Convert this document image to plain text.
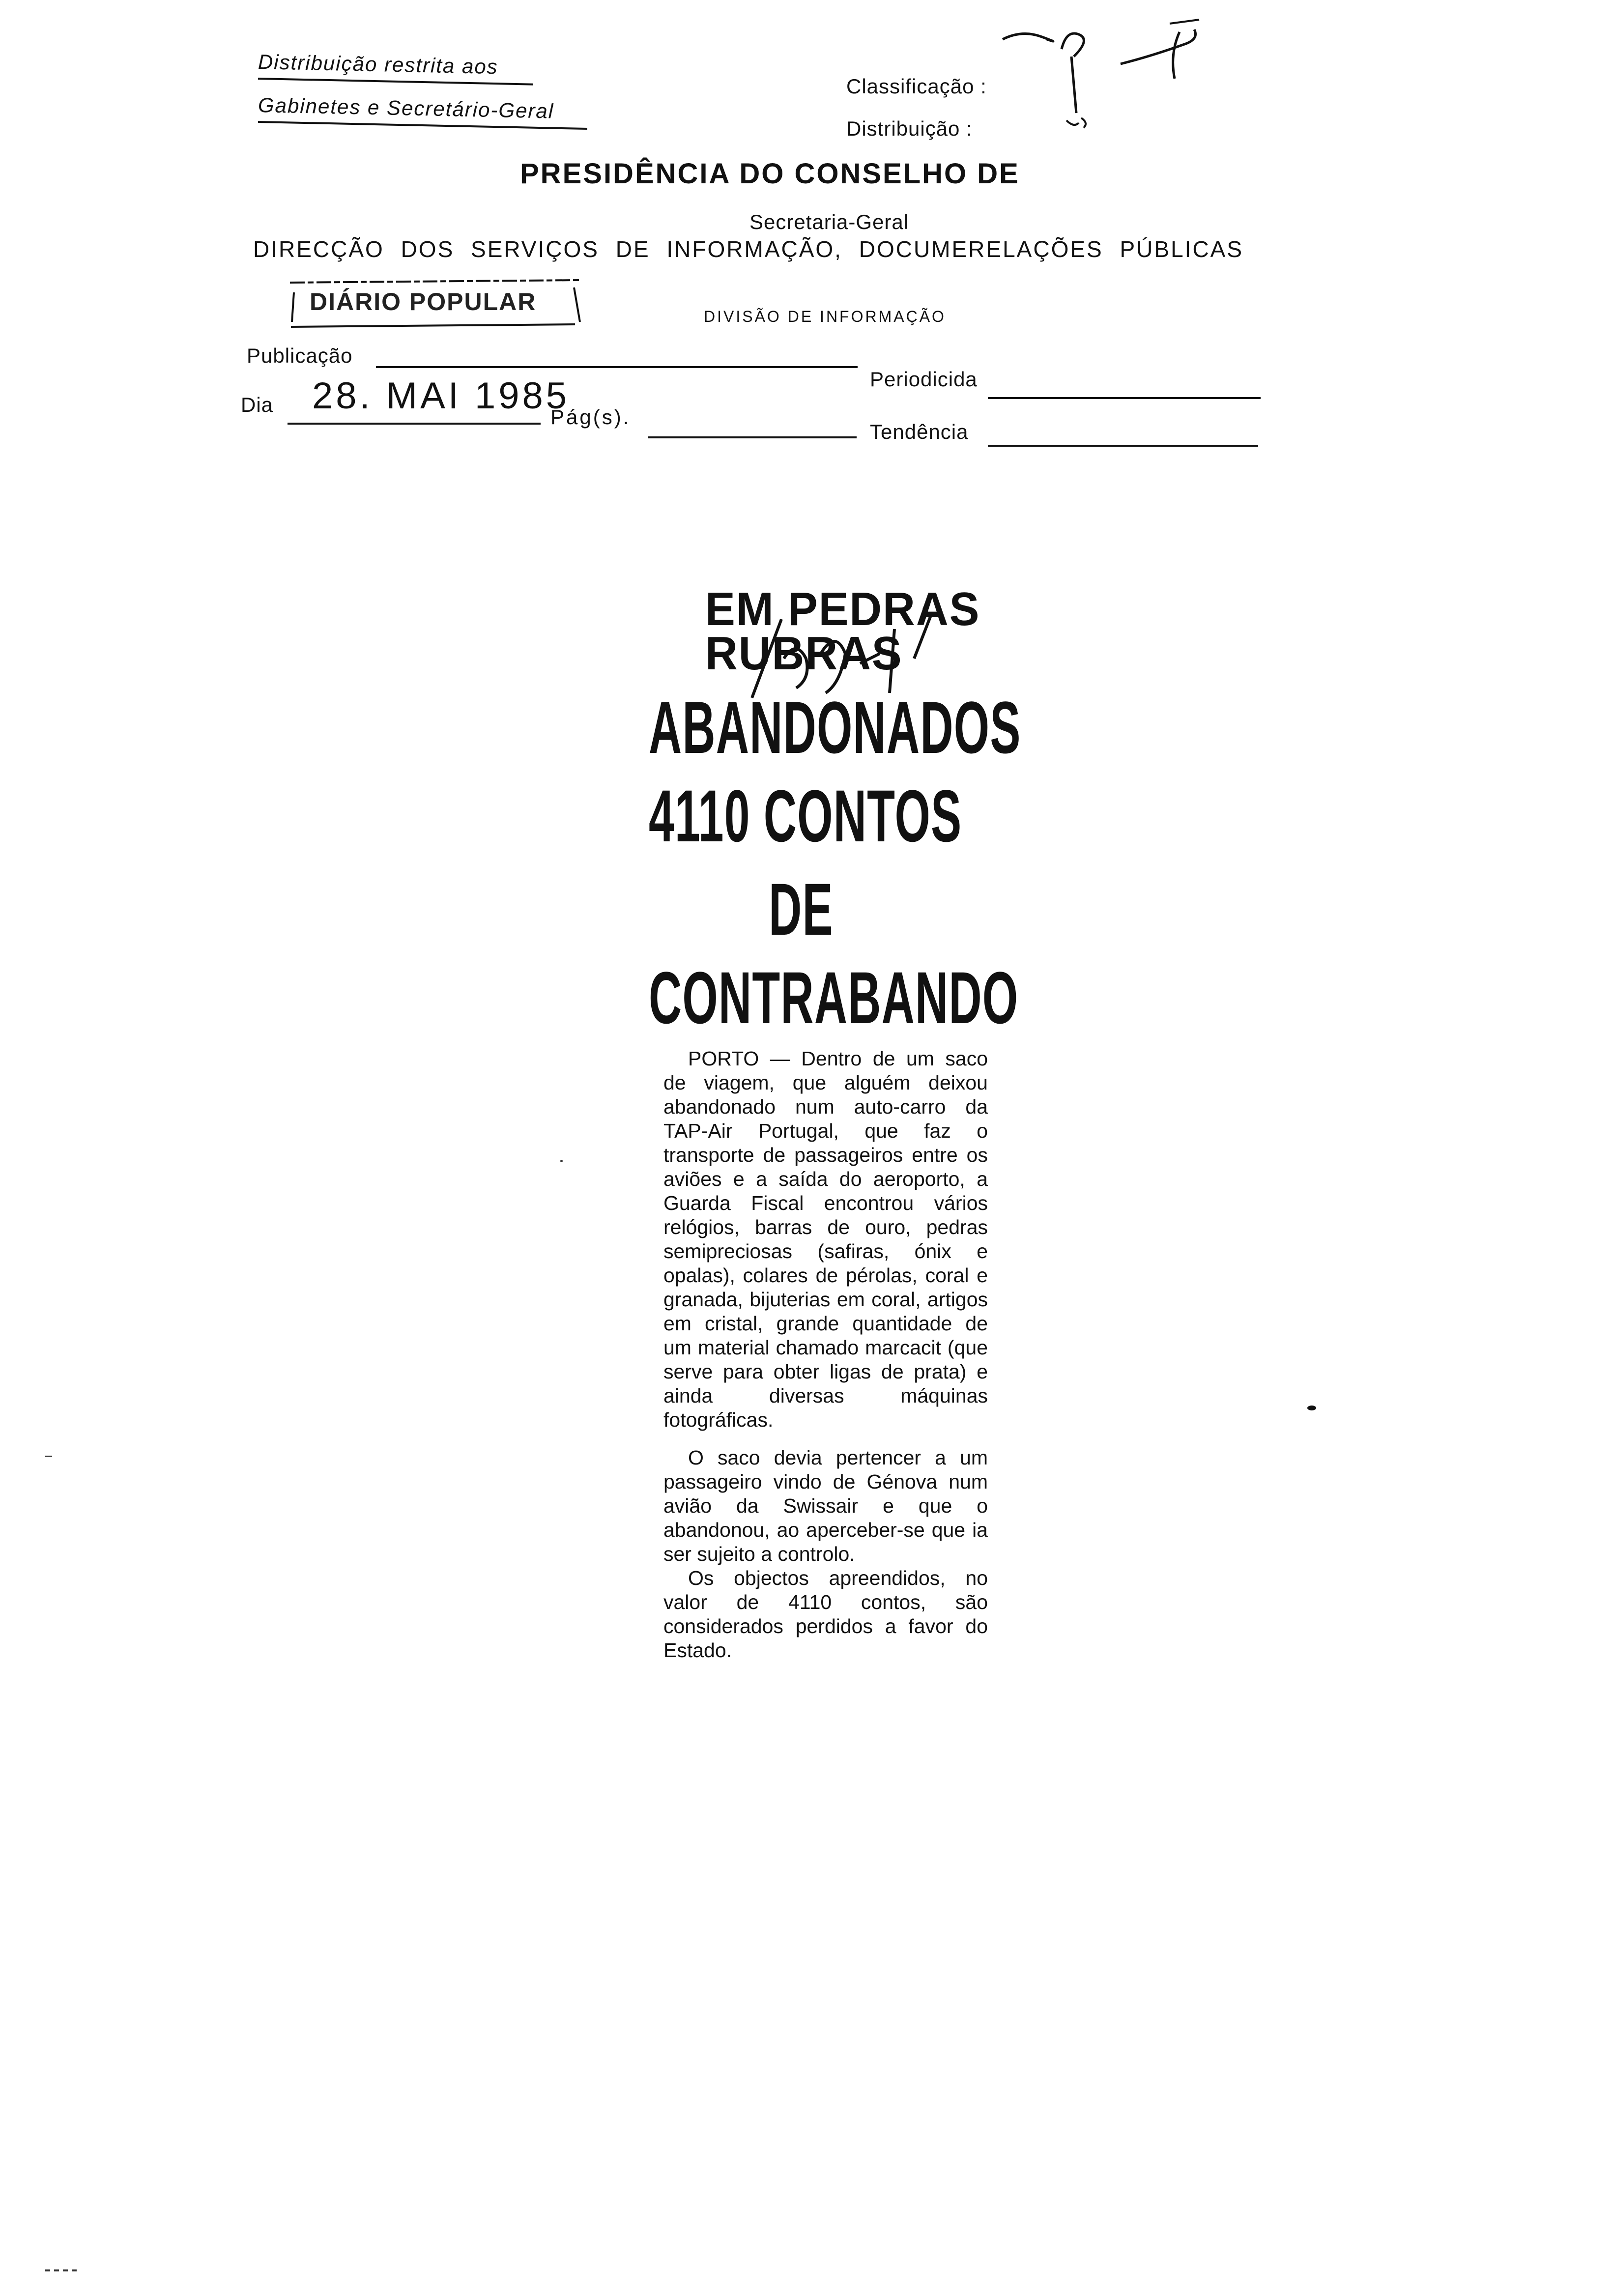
Distribuição restrita aos
Gabinetes e Secretário-Geral
Classificação :
Distribuição :
PRESIDÊNCIA DO CONSELHO DE
Secretaria-Geral
DIRECÇÃO DOS SERVIÇOS DE INFORMAÇÃO, DOCUMERELAÇÕES PÚBLICAS
DIÁRIO POPULAR
DIVISÃO DE INFORMAÇÃO
Publicação
Periodicida
Dia 28. MAI 1985
Pág(s).
Tendência
EM PEDRAS
RUBRAS
ABANDONADOS
4110 CONTOS
DE
CONTRABANDO

PORTO — Dentro de um saco de viagem, que alguém deixou abandonado num auto-carro da TAP-Air Portugal, que faz o transporte de passageiros entre os aviões e a saída do aeroporto, a Guarda Fiscal encontrou vários relógios, barras de ouro, pedras semipreciosas (safiras, ónix e opalas), colares de pérolas, coral e granada, bijuterias em coral, artigos em cristal, grande quantidade de um material chamado marcacit (que serve para obter ligas de prata) e ainda diversas máquinas fotográficas.

O saco devia pertencer a um passageiro vindo de Génova num avião da Swissair e que o abandonou, ao aperceber-se que ia ser sujeito a controlo.

Os objectos apreendidos, no valor de 4110 contos, são considerados perdidos a favor do Estado.
